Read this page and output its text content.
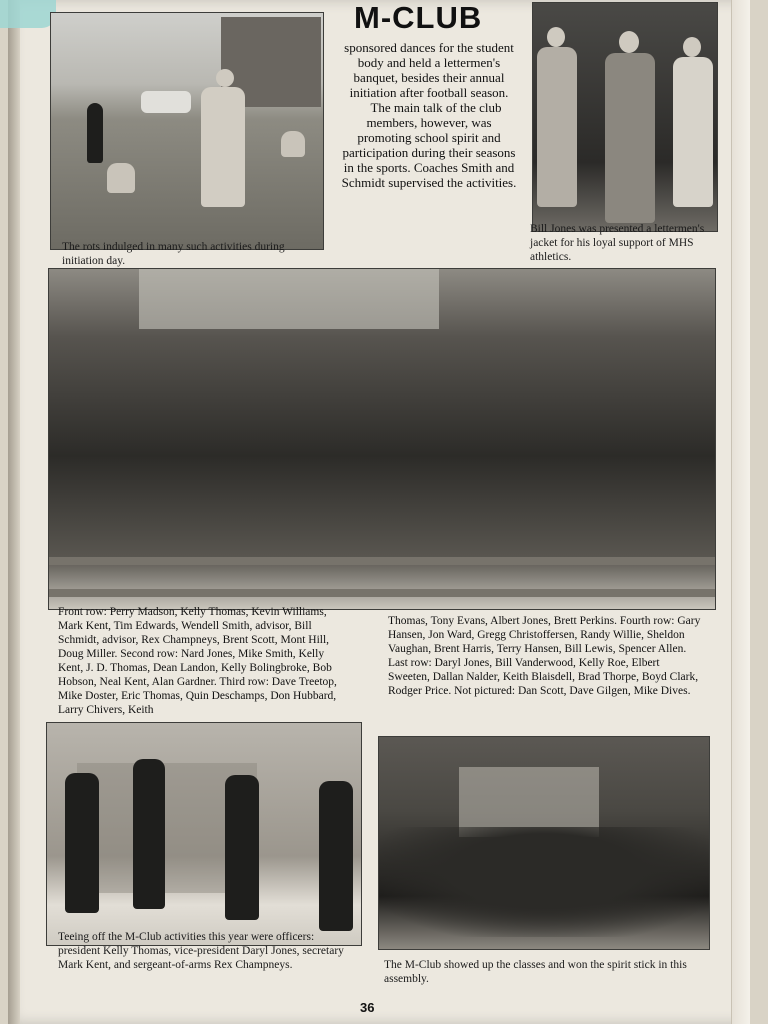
M-CLUB
The rots indulged in many such activities during initiation day.

sponsored dances for the student body and held a lettermen's banquet, besides their annual initiation after football season.

The main talk of the club members, however, was promoting school spirit and participation during their seasons in the sports. Coaches Smith and Schmidt supervised the activities.

Bill Jones was presented a lettermen's jacket for his loyal support of MHS athletics.
Front row: Perry Madson, Kelly Thomas, Kevin Williams, Mark Kent, Tim Edwards, Wendell Smith, advisor, Bill Schmidt, advisor, Rex Champneys, Brent Scott, Mont Hill, Doug Miller. Second row: Nard Jones, Mike Smith, Kelly Kent, J. D. Thomas, Dean Landon, Kelly Bolingbroke, Bob Hobson, Neal Kent, Alan Gardner. Third row: Dave Treetop, Mike Doster, Eric Thomas, Quin Deschamps, Don Hubbard, Larry Chivers, Keith
Thomas, Tony Evans, Albert Jones, Brett Perkins. Fourth row: Gary Hansen, Jon Ward, Gregg Christoffersen, Randy Willie, Sheldon Vaughan, Brent Harris, Terry Hansen, Bill Lewis, Spencer Allen. Last row: Daryl Jones, Bill Vanderwood, Kelly Roe, Elbert Sweeten, Dallan Nalder, Keith Blaisdell, Brad Thorpe, Boyd Clark, Rodger Price. Not pictured: Dan Scott, Dave Gilgen, Mike Dives.
Teeing off the M-Club activities this year were officers: president Kelly Thomas, vice-president Daryl Jones, secretary Mark Kent, and sergeant-of-arms Rex Champneys.	The M-Club showed up the classes and won the spirit stick in this assembly.
36
